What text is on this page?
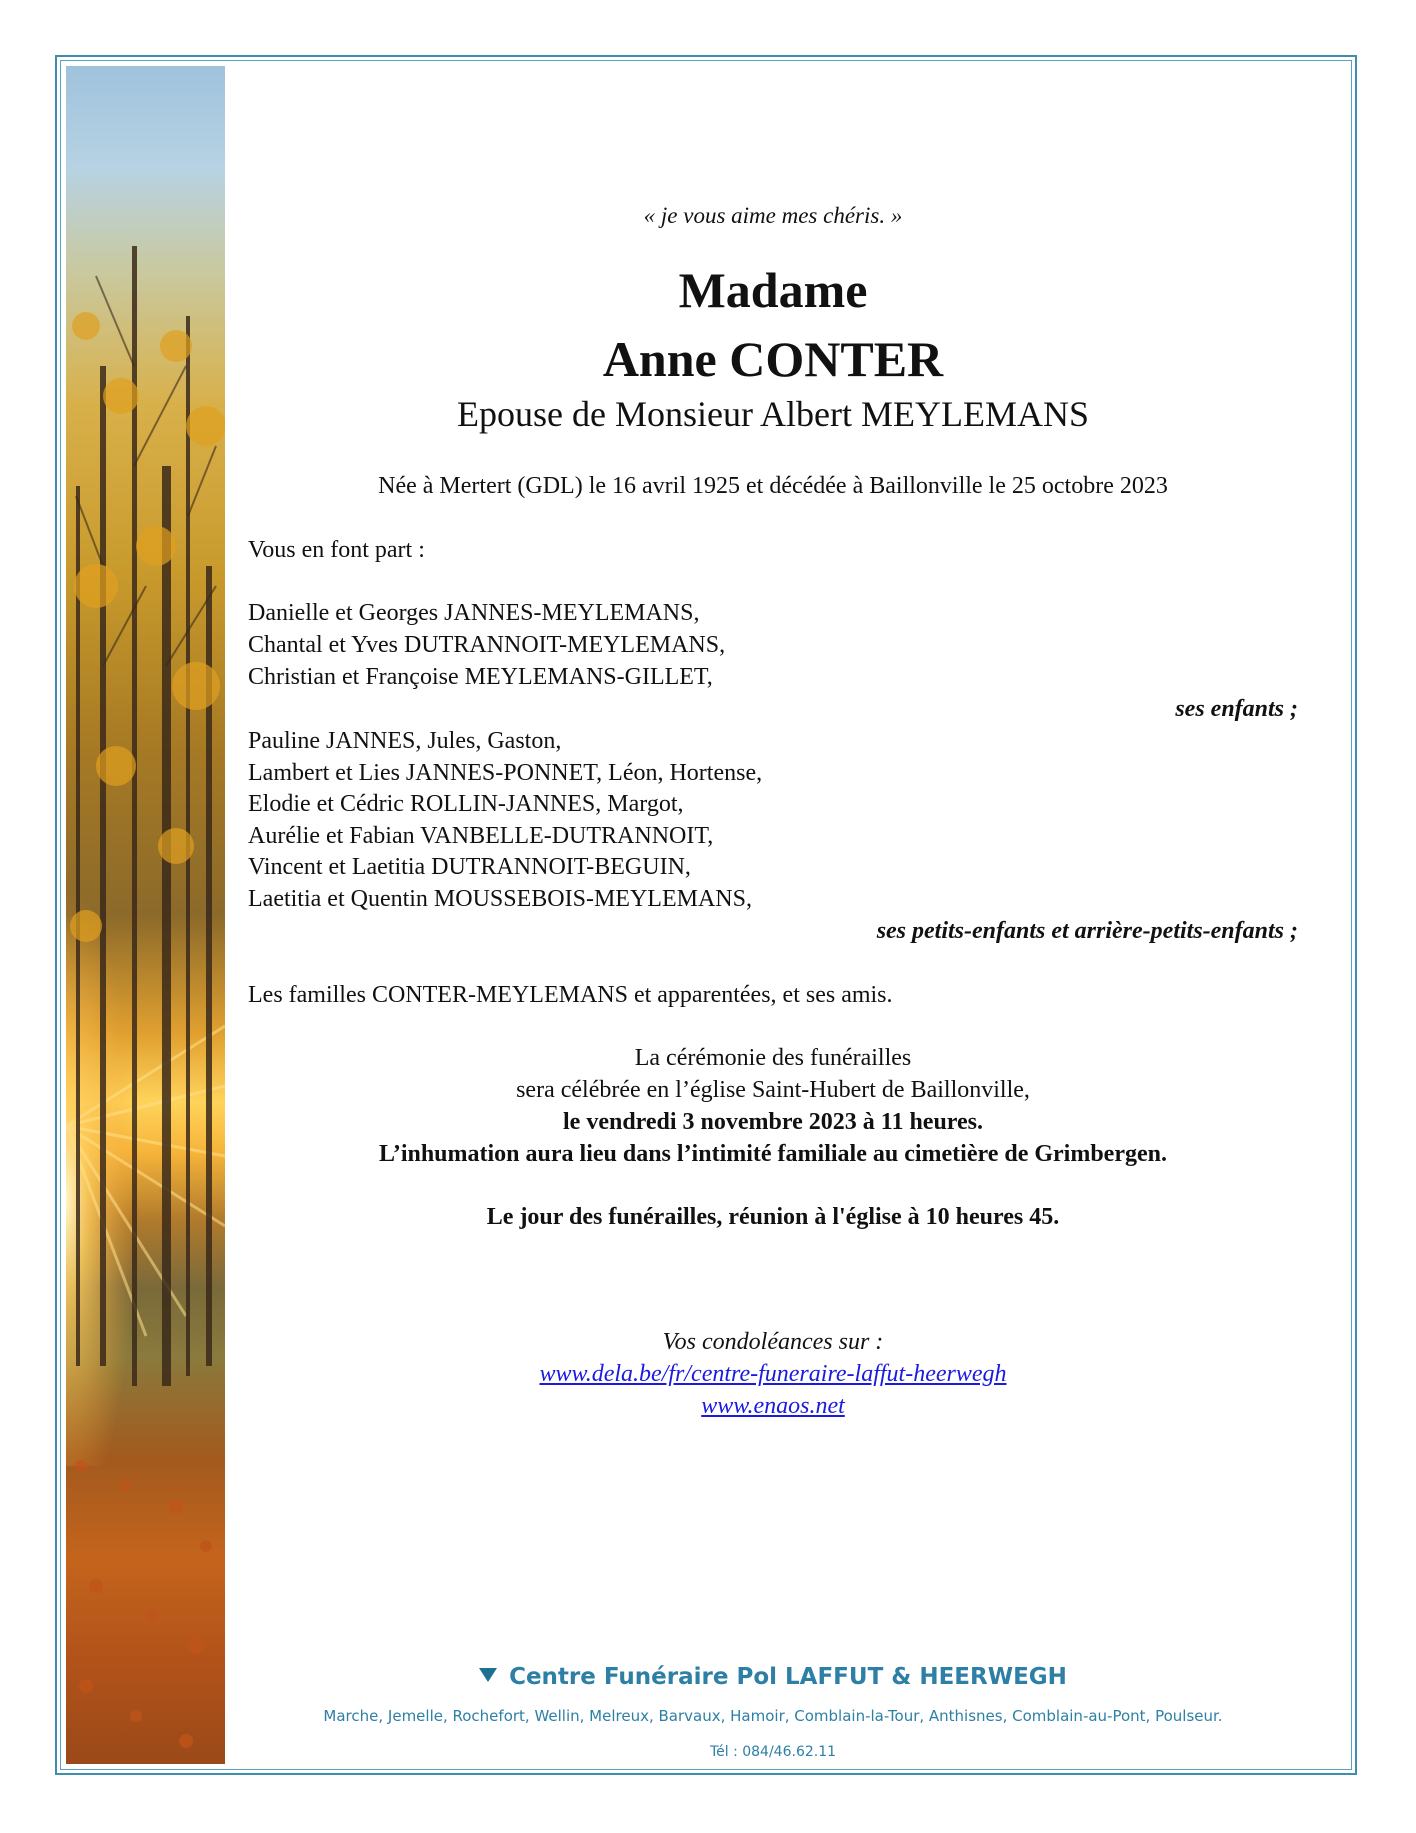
« je vous aime mes chéris. »
Madame
Anne CONTER
Epouse de Monsieur Albert MEYLEMANS
Née à Mertert (GDL) le 16 avril 1925 et décédée à Baillonville le 25 octobre 2023
Vous en font part :
Danielle et Georges JANNES-MEYLEMANS,
Chantal et Yves DUTRANNOIT-MEYLEMANS,
Christian et Françoise MEYLEMANS-GILLET,
ses enfants ;
Pauline JANNES, Jules, Gaston,
Lambert et Lies JANNES-PONNET, Léon, Hortense,
Elodie et Cédric ROLLIN-JANNES, Margot,
Aurélie et Fabian VANBELLE-DUTRANNOIT,
Vincent et Laetitia DUTRANNOIT-BEGUIN,
Laetitia et Quentin MOUSSEBOIS-MEYLEMANS,
ses petits-enfants et arrière-petits-enfants ;
Les familles CONTER-MEYLEMANS et apparentées, et ses amis.
La cérémonie des funérailles
sera célébrée en l’église Saint-Hubert de Baillonville,
le vendredi 3 novembre 2023 à 11 heures.
L’inhumation aura lieu dans l’intimité familiale au cimetière de Grimbergen.
Le jour des funérailles, réunion à l'église à 10 heures 45.
Vos condoléances sur :
www.dela.be/fr/centre-funeraire-laffut-heerwegh
www.enaos.net
Centre Funéraire Pol LAFFUT & HEERWEGH
Marche, Jemelle, Rochefort, Wellin, Melreux, Barvaux, Hamoir, Comblain-la-Tour, Anthisnes, Comblain-au-Pont, Poulseur.
Tél : 084/46.62.11
